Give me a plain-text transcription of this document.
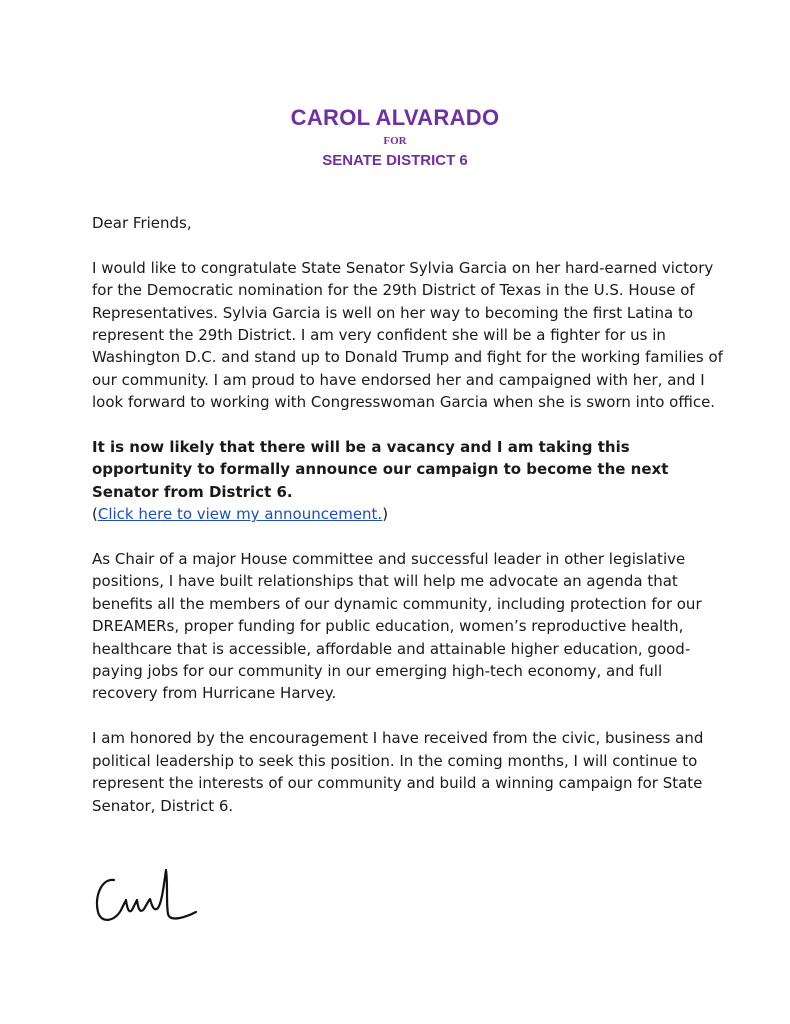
CAROL ALVARADO
FOR
SENATE DISTRICT 6

Dear Friends,

I would like to congratulate State Senator Sylvia Garcia on her hard-earned victory for the Democratic nomination for the 29th District of Texas in the U.S. House of Representatives. Sylvia Garcia is well on her way to becoming the first Latina to represent the 29th District. I am very confident she will be a fighter for us in Washington D.C. and stand up to Donald Trump and fight for the working families of our community. I am proud to have endorsed her and campaigned with her, and I look forward to working with Congresswoman Garcia when she is sworn into office.

It is now likely that there will be a vacancy and I am taking this opportunity to formally announce our campaign to become the next Senator from District 6.
(Click here to view my announcement.)

As Chair of a major House committee and successful leader in other legislative positions, I have built relationships that will help me advocate an agenda that benefits all the members of our dynamic community, including protection for our DREAMERs, proper funding for public education, women’s reproductive health, healthcare that is accessible, affordable and attainable higher education, good-paying jobs for our community in our emerging high-tech economy, and full recovery from Hurricane Harvey.

I am honored by the encouragement I have received from the civic, business and political leadership to seek this position. In the coming months, I will continue to represent the interests of our community and build a winning campaign for State Senator, District 6.
